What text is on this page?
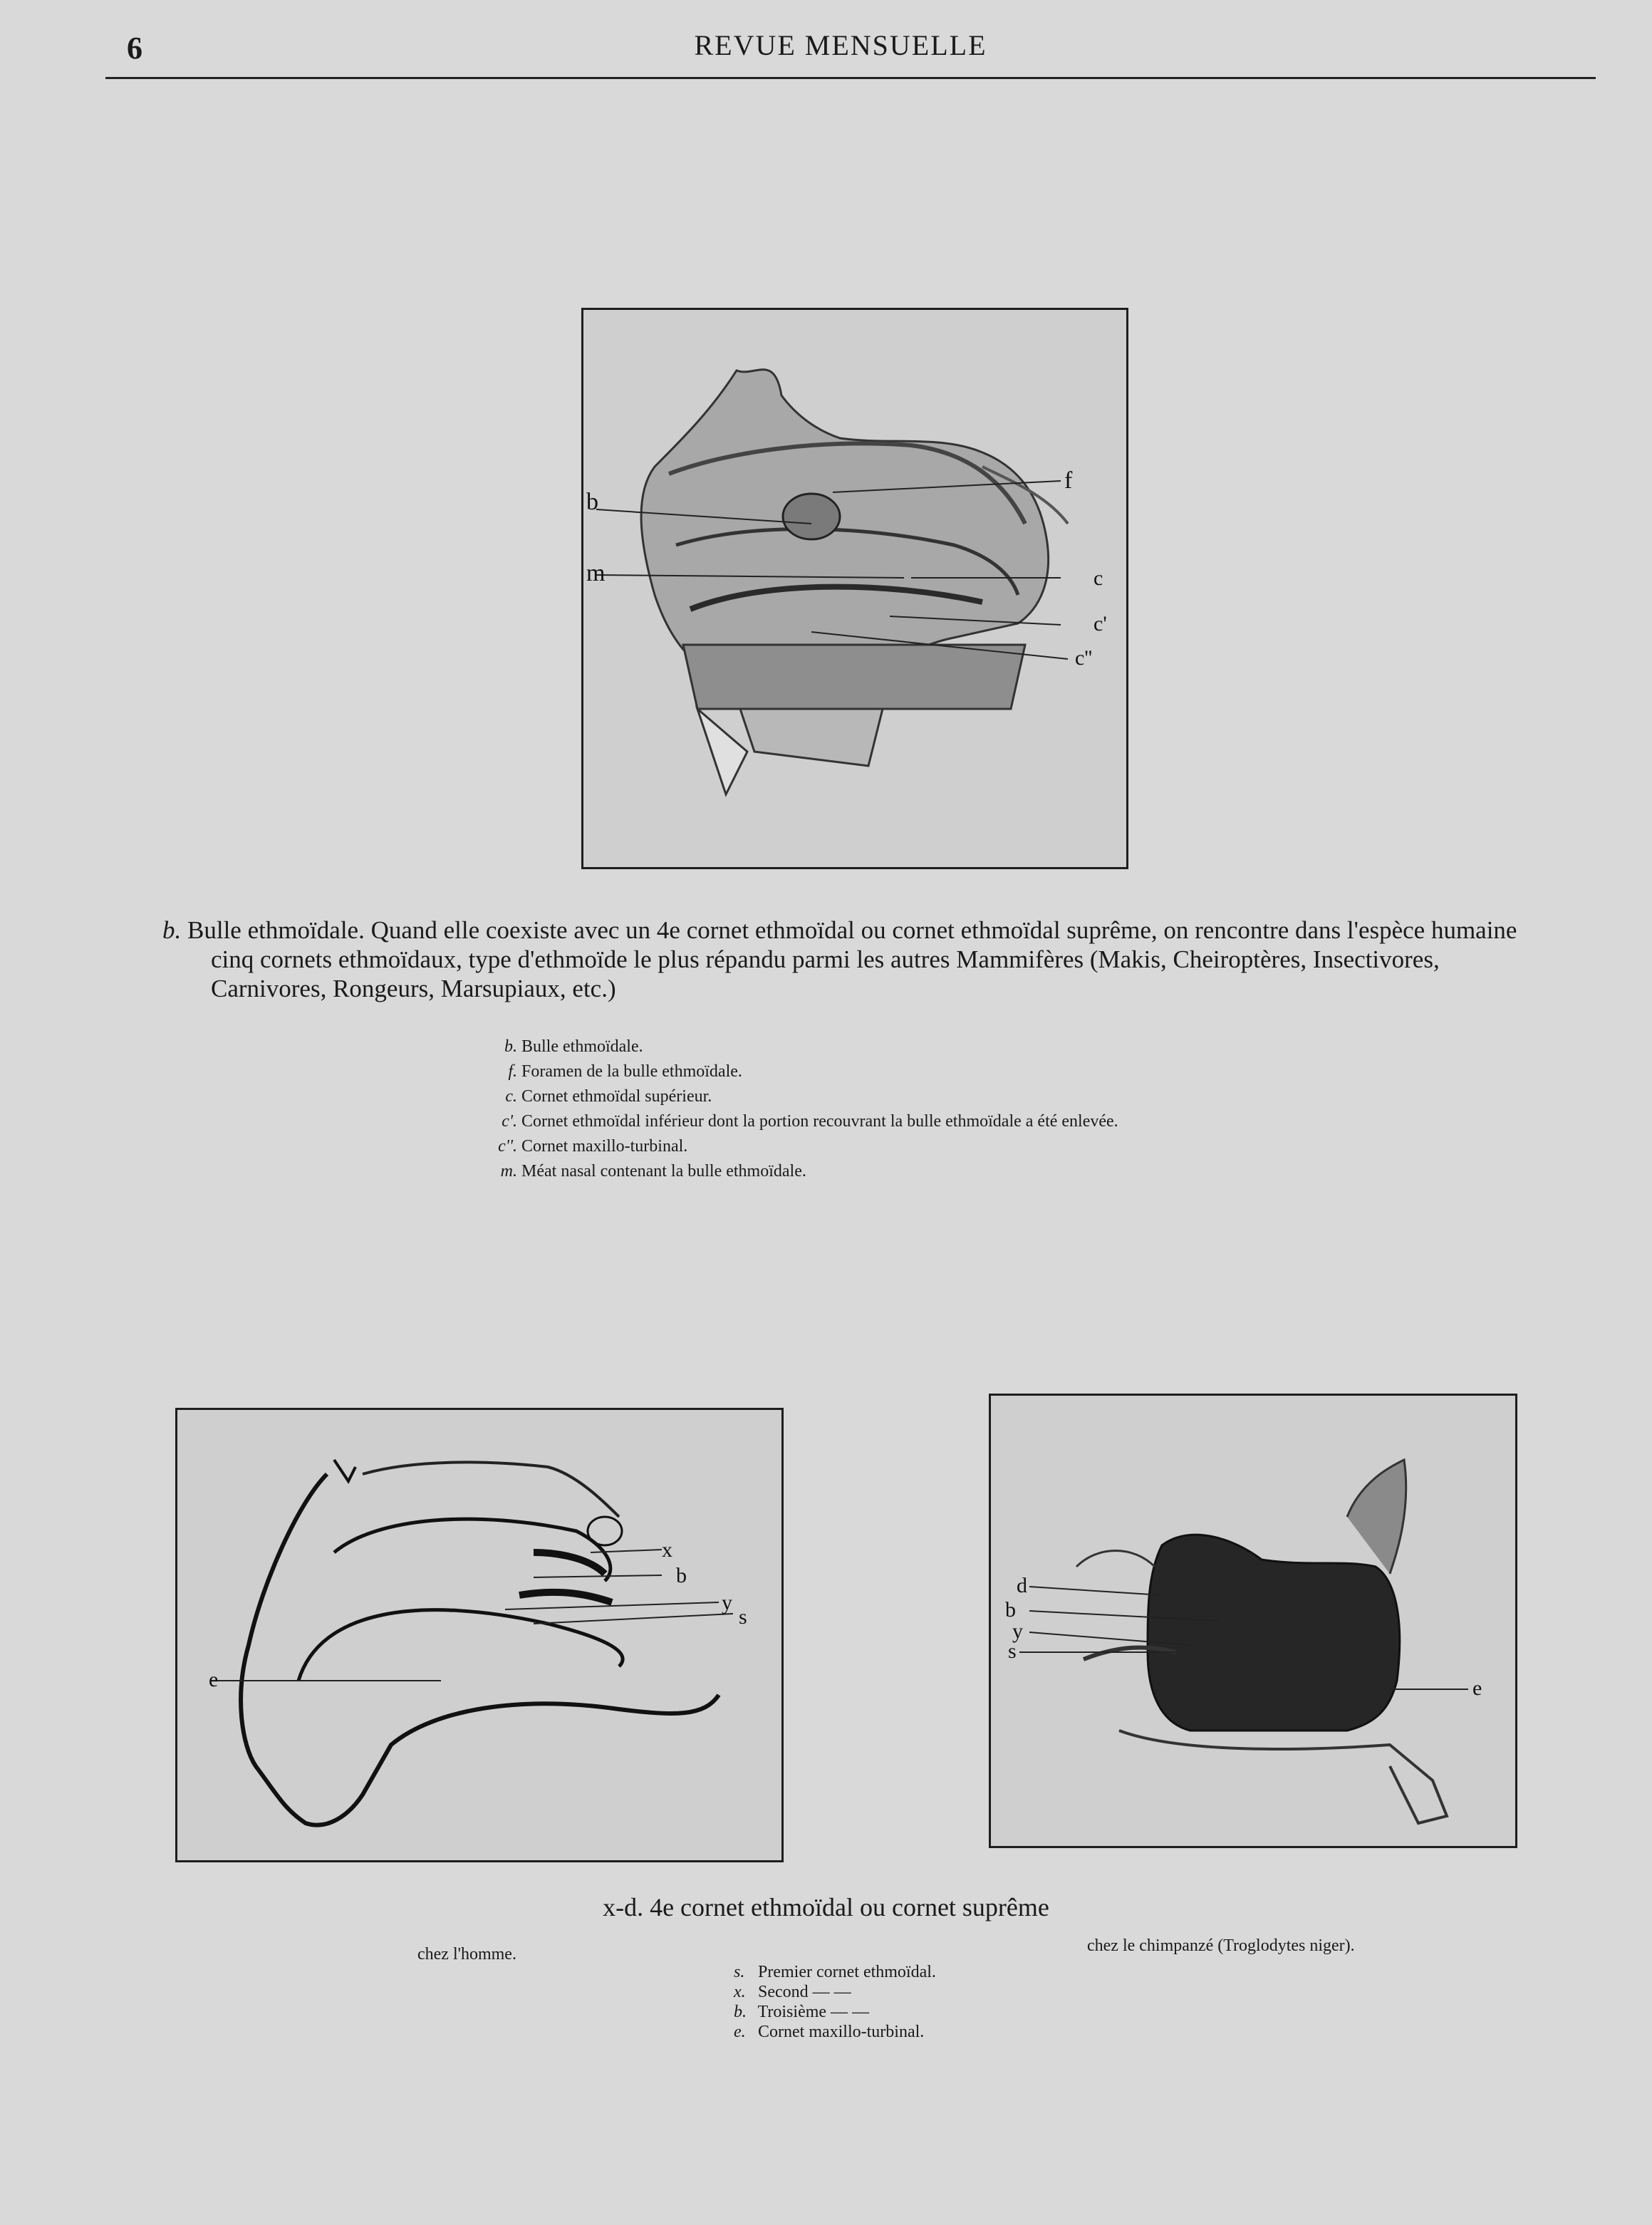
6	REVUE MENSUELLE
b
f
m	c
c'
c''
b. Bulle ethmoïdale. Quand elle coexiste avec un 4e cornet ethmoïdal ou cornet ethmoïdal suprême, on rencontre dans l'espèce humaine cinq cornets ethmoïdaux, type d'ethmoïde le plus répandu parmi les autres Mammifères (Makis, Cheiroptères, Insectivores, Carnivores, Rongeurs, Marsupiaux, etc.)
b. Bulle ethmoïdale.
f. Foramen de la bulle ethmoïdale.
c. Cornet ethmoïdal supérieur.
c'. Cornet ethmoïdal inférieur dont la portion recouvrant la bulle ethmoïdale a été enlevée.
c''. Cornet maxillo-turbinal.
m. Méat nasal contenant la bulle ethmoïdale.
x
b
y
s
e
d
b
y
s
e
x-d. 4e cornet ethmoïdal ou cornet suprême
chez l'homme.	chez le chimpanzé (Troglodytes niger).
s. Premier cornet ethmoïdal.
x. Second — —
b. Troisième — —
e. Cornet maxillo-turbinal.
